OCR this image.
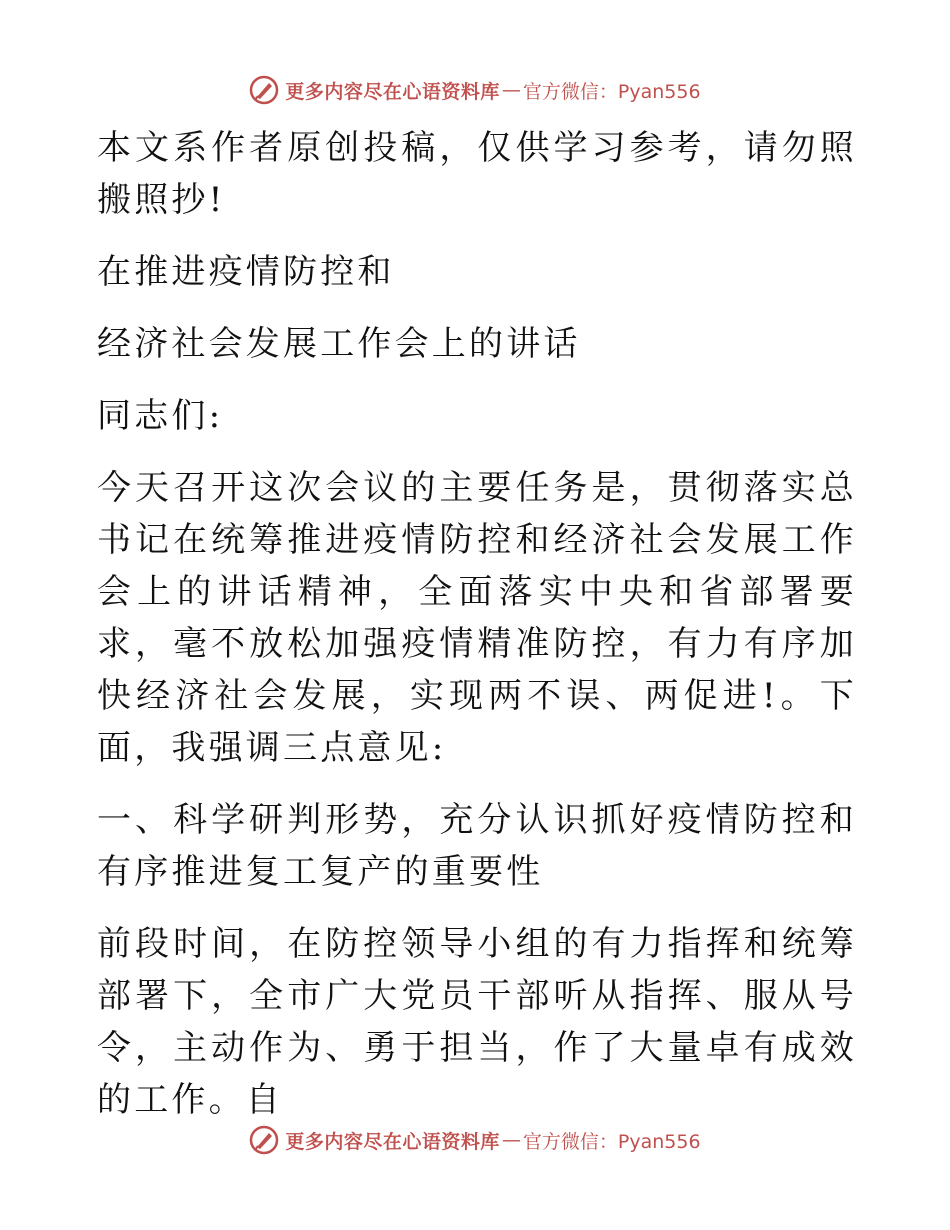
更多内容尽在心语资料库 — 官方微信：Pyan556

本文系作者原创投稿，仅供学习参考，请勿照搬照抄!

在推进疫情防控和

经济社会发展工作会上的讲话

同志们:

今天召开这次会议的主要任务是，贯彻落实总书记在统筹推进疫情防控和经济社会发展工作会上的讲话精神，全面落实中央和省部署要求，毫不放松加强疫情精准防控，有力有序加快经济社会发展，实现两不误、两促进!。下面，我强调三点意见:

一、科学研判形势，充分认识抓好疫情防控和有序推进复工复产的重要性

前段时间，在防控领导小组的有力指挥和统筹部署下，全市广大党员干部听从指挥、服从号令，主动作为、勇于担当，作了大量卓有成效的工作。自

更多内容尽在心语资料库 — 官方微信：Pyan556
